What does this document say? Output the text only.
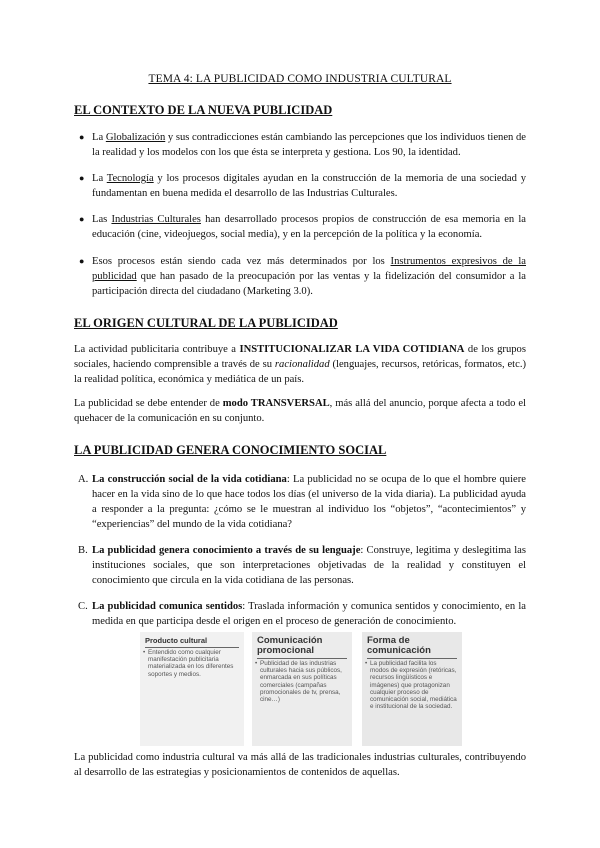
TEMA 4: LA PUBLICIDAD COMO INDUSTRIA CULTURAL
EL CONTEXTO DE LA NUEVA PUBLICIDAD
● La Globalización y sus contradicciones están cambiando las percepciones que los individuos tienen de la realidad y los modelos con los que ésta se interpreta y gestiona. Los 90, la identidad.
● La Tecnología y los procesos digitales ayudan en la construcción de la memoria de una sociedad y fundamentan en buena medida el desarrollo de las Industrias Culturales.
● Las Industrias Culturales han desarrollado procesos propios de construcción de esa memoria en la educación (cine, videojuegos, social media), y en la percepción de la política y la economía.
● Esos procesos están siendo cada vez más determinados por los Instrumentos expresivos de la publicidad que han pasado de la preocupación por las ventas y la fidelización del consumidor a la participación directa del ciudadano (Marketing 3.0).
EL ORIGEN CULTURAL DE LA PUBLICIDAD
La actividad publicitaria contribuye a INSTITUCIONALIZAR LA VIDA COTIDIANA de los grupos sociales, haciendo comprensible a través de su racionalidad (lenguajes, recursos, retóricas, formatos, etc.) la realidad política, económica y mediática de un país.
La publicidad se debe entender de modo TRANSVERSAL, más allá del anuncio, porque afecta a todo el quehacer de la comunicación en su conjunto.
LA PUBLICIDAD GENERA CONOCIMIENTO SOCIAL
A. La construcción social de la vida cotidiana: La publicidad no se ocupa de lo que el hombre quiere hacer en la vida sino de lo que hace todos los días (el universo de la vida diaria). La publicidad ayuda a responder a la pregunta: ¿cómo se le muestran al individuo los “objetos”, “acontecimientos” y “experiencias” del mundo de la vida cotidiana?
B. La publicidad genera conocimiento a través de su lenguaje: Construye, legitima y deslegitima las instituciones sociales, que son interpretaciones objetivadas de la realidad y constituyen el conocimiento que circula en la vida cotidiana de las personas.
C. La publicidad comunica sentidos: Traslada información y comunica sentidos y conocimiento, en la medida en que participa desde el origen en el proceso de generación de conocimiento.
Producto cultural
• Entendido como cualquier manifestación publicitaria materializada en los diferentes soportes y medios.
Comunicación promocional
• Publicidad de las industrias culturales hacia sus públicos, enmarcada en sus políticas comerciales (campañas promocionales de tv, prensa, cine…)
Forma de comunicación
• La publicidad facilita los modos de expresión (retóricas, recursos lingüísticos e imágenes) que protagonizan cualquier proceso de comunicación social, mediática e institucional de la sociedad.
La publicidad como industria cultural va más allá de las tradicionales industrias culturales, contribuyendo al desarrollo de las estrategias y posicionamientos de contenidos de aquellas.
